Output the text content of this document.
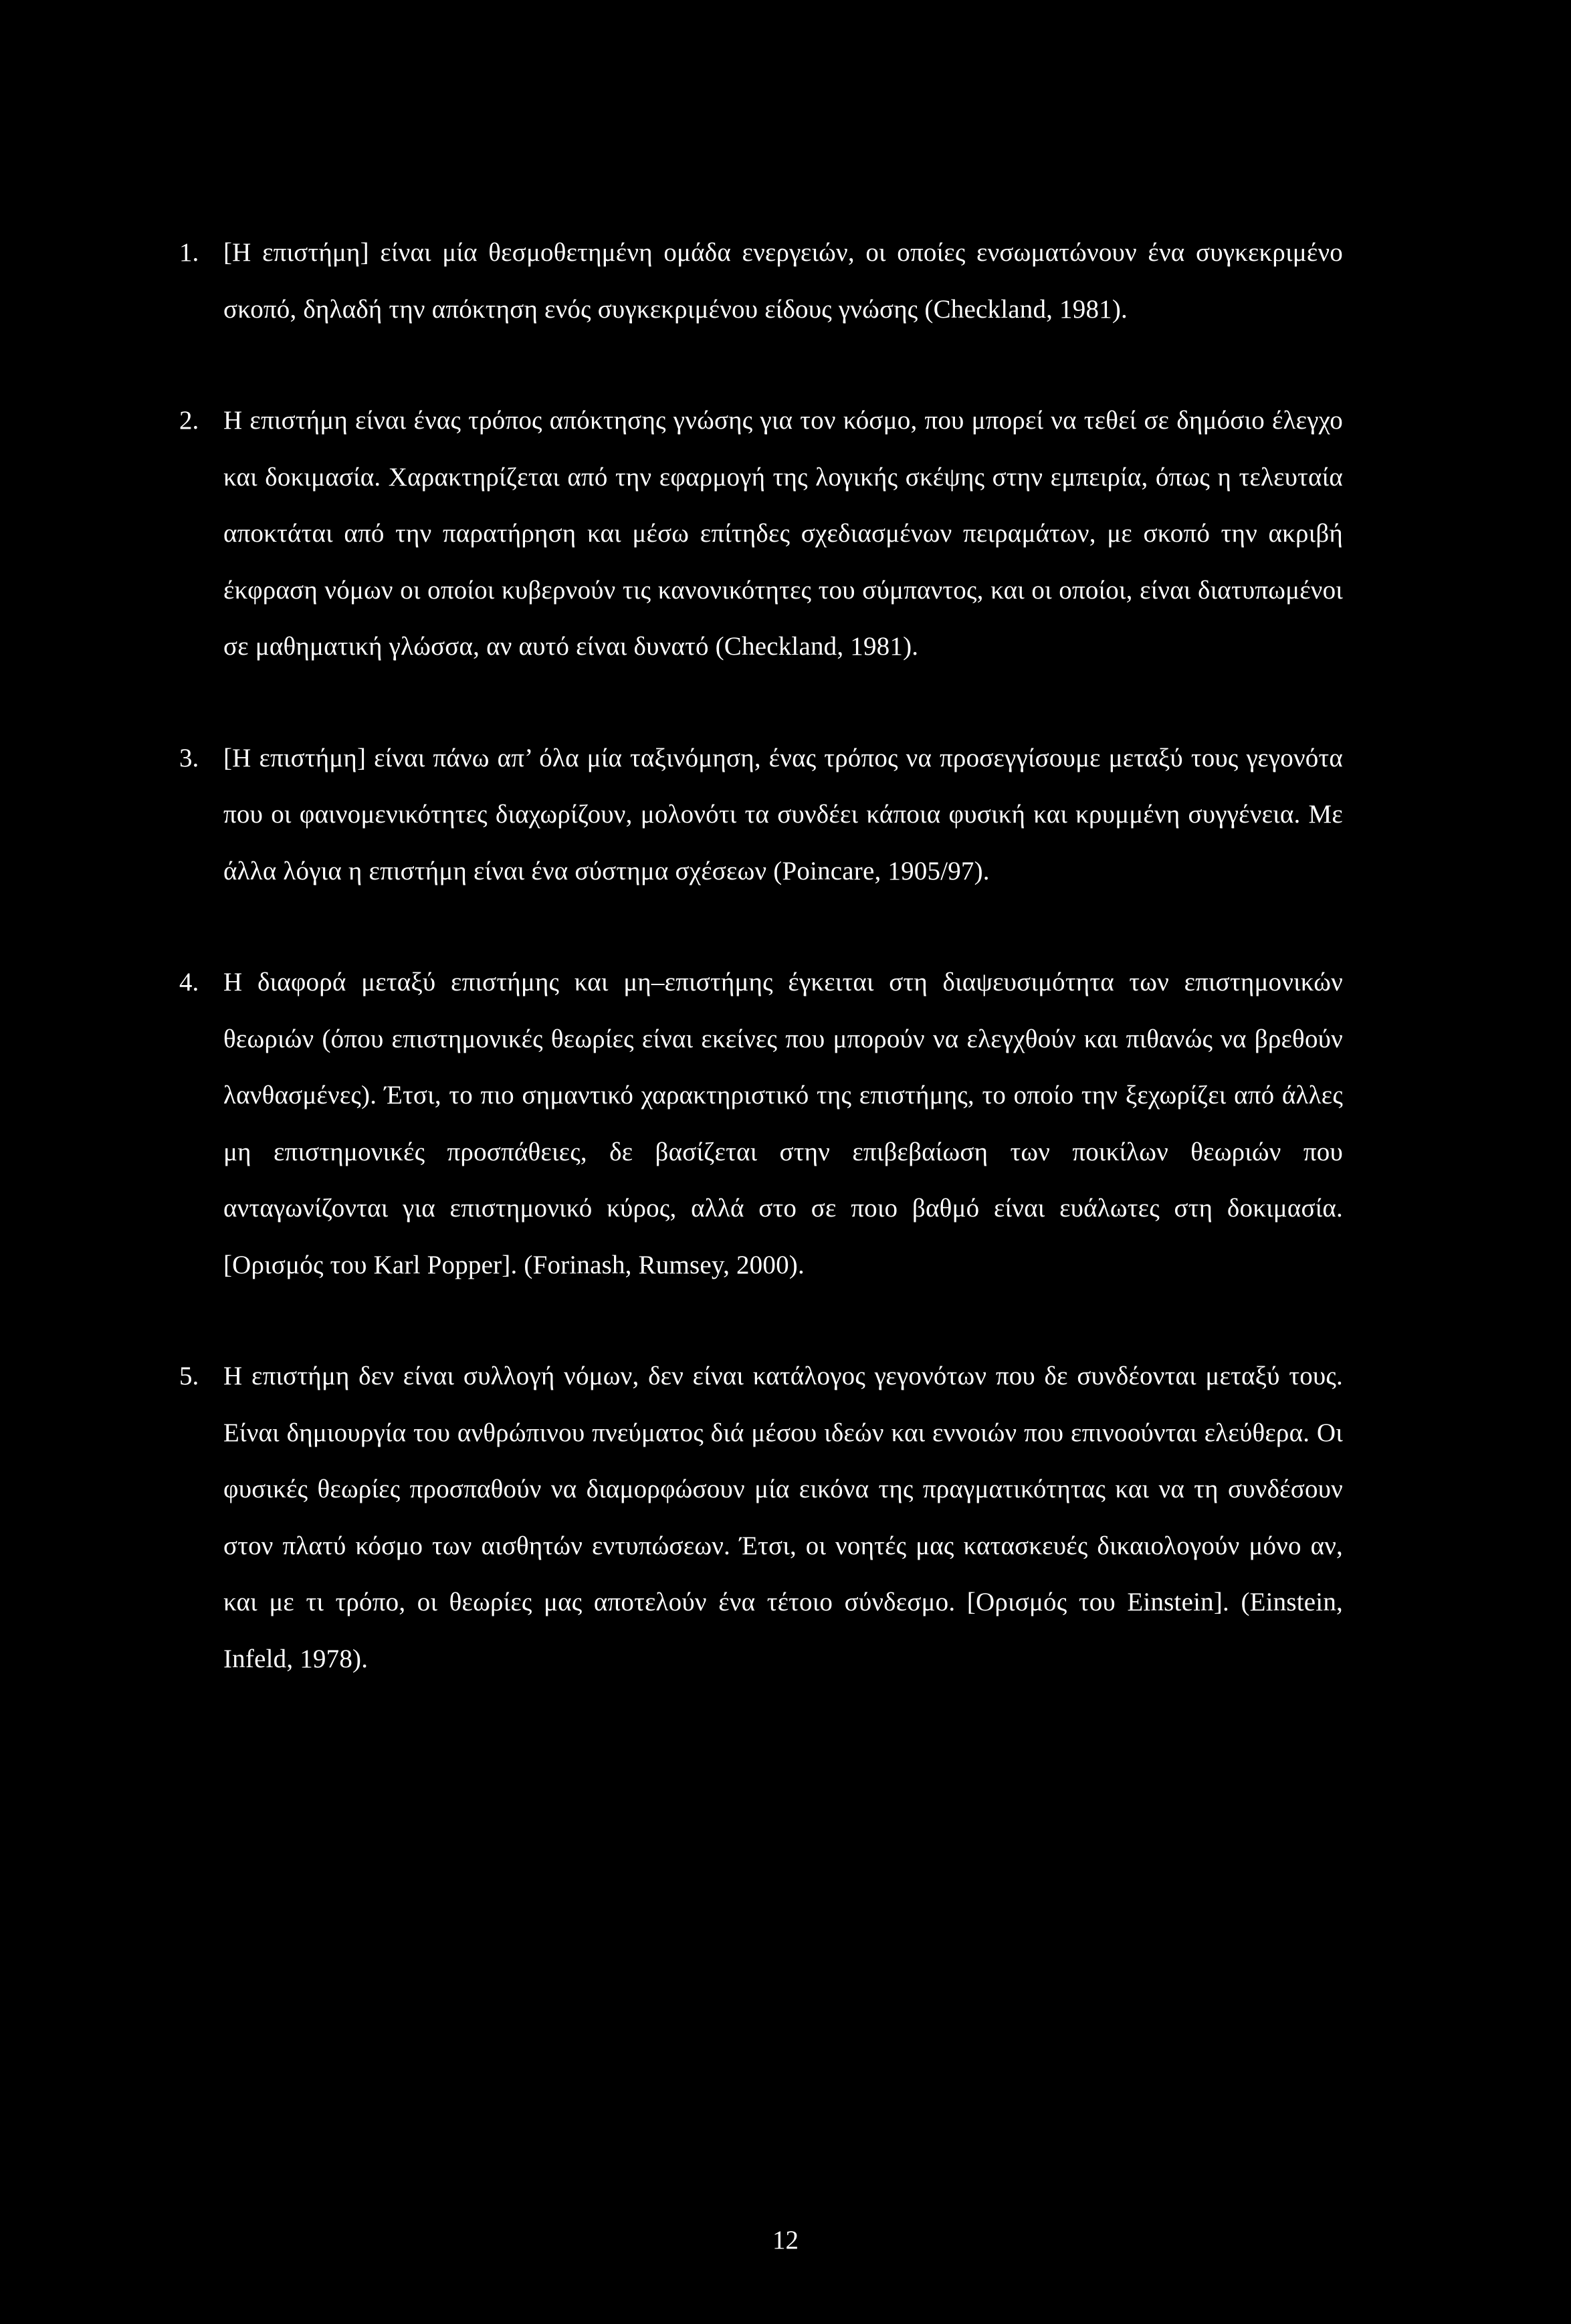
1. [Η επιστήμη] είναι μία θεσμοθετημένη ομάδα ενεργειών, οι οποίες ενσωματώνουν ένα συγκεκριμένο σκοπό, δηλαδή την απόκτηση ενός συγκεκριμένου είδους γνώσης (Checkland, 1981).
2. Η επιστήμη είναι ένας τρόπος απόκτησης γνώσης για τον κόσμο, που μπορεί να τεθεί σε δημόσιο έλεγχο και δοκιμασία. Χαρακτηρίζεται από την εφαρμογή της λογικής σκέψης στην εμπειρία, όπως η τελευταία αποκτάται από την παρατήρηση και μέσω επίτηδες σχεδιασμένων πειραμάτων, με σκοπό την ακριβή έκφραση νόμων οι οποίοι κυβερνούν τις κανονικότητες του σύμπαντος, και οι οποίοι, είναι διατυπωμένοι σε μαθηματική γλώσσα, αν αυτό είναι δυνατό (Checkland, 1981).
3. [Η επιστήμη] είναι πάνω απ’ όλα μία ταξινόμηση, ένας τρόπος να προσεγγίσουμε μεταξύ τους γεγονότα που οι φαινομενικότητες διαχωρίζουν, μολονότι τα συνδέει κάποια φυσική και κρυμμένη συγγένεια. Με άλλα λόγια η επιστήμη είναι ένα σύστημα σχέσεων (Poincare, 1905/97).
4. Η διαφορά μεταξύ επιστήμης και μη–επιστήμης έγκειται στη διαψευσιμότητα των επιστημονικών θεωριών (όπου επιστημονικές θεωρίες είναι εκείνες που μπορούν να ελεγχθούν και πιθανώς να βρεθούν λανθασμένες). Έτσι, το πιο σημαντικό χαρακτηριστικό της επιστήμης, το οποίο την ξεχωρίζει από άλλες μη επιστημονικές προσπάθειες, δε βασίζεται στην επιβεβαίωση των ποικίλων θεωριών που ανταγωνίζονται για επιστημονικό κύρος, αλλά στο σε ποιο βαθμό είναι ευάλωτες στη δοκιμασία. [Ορισμός του Karl Popper]. (Forinash, Rumsey, 2000).
5. Η επιστήμη δεν είναι συλλογή νόμων, δεν είναι κατάλογος γεγονότων που δε συνδέονται μεταξύ τους. Είναι δημιουργία του ανθρώπινου πνεύματος διά μέσου ιδεών και εννοιών που επινοούνται ελεύθερα. Οι φυσικές θεωρίες προσπαθούν να διαμορφώσουν μία εικόνα της πραγματικότητας και να τη συνδέσουν στον πλατύ κόσμο των αισθητών εντυπώσεων. Έτσι, οι νοητές μας κατασκευές δικαιολογούν μόνο αν, και με τι τρόπο, οι θεωρίες μας αποτελούν ένα τέτοιο σύνδεσμο. [Ορισμός του Einstein]. (Einstein, Infeld, 1978).
12
